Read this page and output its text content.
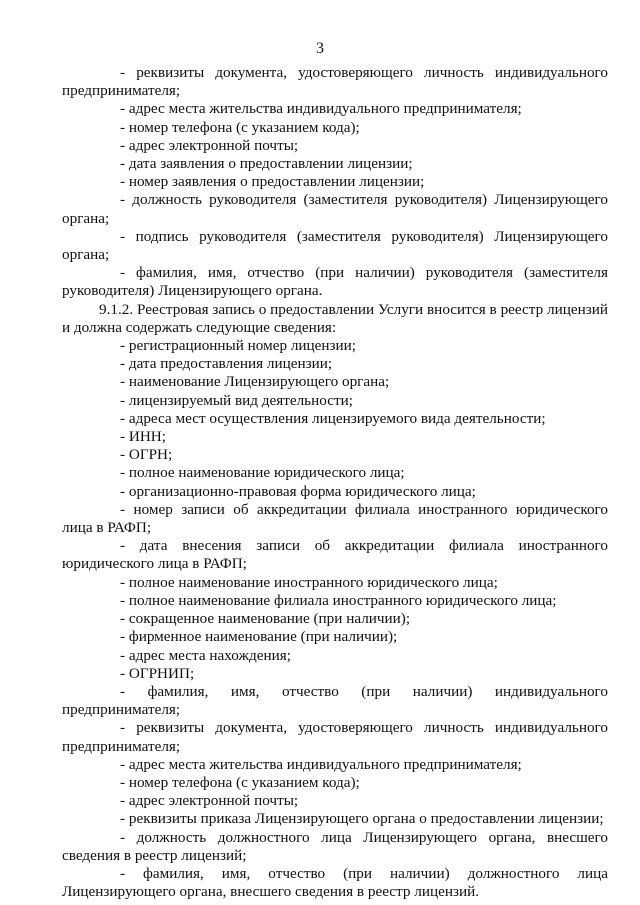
3

- реквизиты документа, удостоверяющего личность индивидуального предпринимателя;

- адрес места жительства индивидуального предпринимателя;

- номер телефона (с указанием кода);

- адрес электронной почты;

- дата заявления о предоставлении лицензии;

- номер заявления о предоставлении лицензии;

- должность руководителя (заместителя руководителя) Лицензирующего органа;

- подпись руководителя (заместителя руководителя) Лицензирующего органа;

- фамилия, имя, отчество (при наличии) руководителя (заместителя руководителя) Лицензирующего органа.

9.1.2. Реестровая запись о предоставлении Услуги вносится в реестр лицензий и должна содержать следующие сведения:

- регистрационный номер лицензии;

- дата предоставления лицензии;

- наименование Лицензирующего органа;

- лицензируемый вид деятельности;

- адреса мест осуществления лицензируемого вида деятельности;

- ИНН;

- ОГРН;

- полное наименование юридического лица;

- организационно-правовая форма юридического лица;

- номер записи об аккредитации филиала иностранного юридического лица в РАФП;

- дата внесения записи об аккредитации филиала иностранного юридического лица в РАФП;

- полное наименование иностранного юридического лица;

- полное наименование филиала иностранного юридического лица;

- сокращенное наименование (при наличии);

- фирменное наименование (при наличии);

- адрес места нахождения;

- ОГРНИП;

- фамилия, имя, отчество (при наличии) индивидуального предпринимателя;

- реквизиты документа, удостоверяющего личность индивидуального предпринимателя;

- адрес места жительства индивидуального предпринимателя;

- номер телефона (с указанием кода);

- адрес электронной почты;

- реквизиты приказа Лицензирующего органа о предоставлении лицензии;

- должность должностного лица Лицензирующего органа, внесшего сведения в реестр лицензий;

- фамилия, имя, отчество (при наличии) должностного лица Лицензирующего органа, внесшего сведения в реестр лицензий.
